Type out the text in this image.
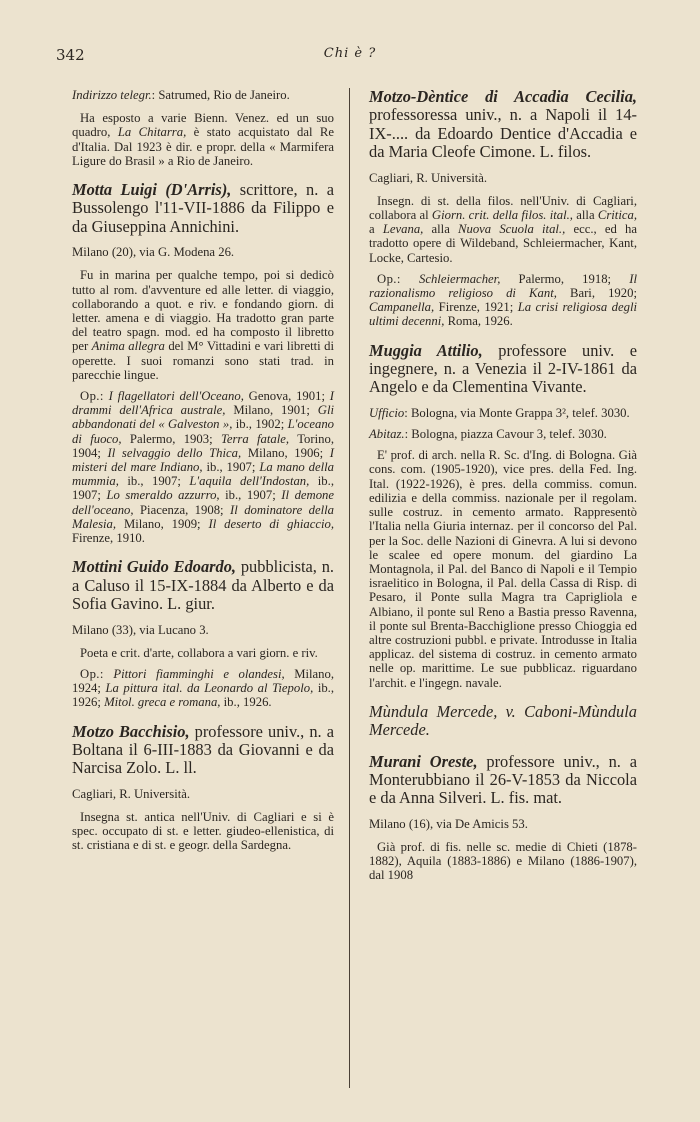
342	Chi è ?

Indirizzo telegr.: Satrumed, Rio de Janeiro.

Ha esposto a varie Bienn. Venez. ed un suo quadro, La Chitarra, è stato acquistato dal Re d'Italia. Dal 1923 è dir. e propr. della « Marmifera Ligure do Brasil » a Rio de Janeiro.

Motta Luigi (D'Arris), scrittore, n. a Bussolengo l'11-VII-1886 da Filippo e da Giuseppina Annichini.

Milano (20), via G. Modena 26.

Fu in marina per qualche tempo, poi si dedicò tutto al rom. d'avventure ed alle letter. di viaggio, collaborando a quot. e riv. e fondando giorn. di letter. amena e di viaggio. Ha tradotto gran parte del teatro spagn. mod. ed ha composto il libretto per Anima allegra del M° Vittadini e vari libretti di operette. I suoi romanzi sono stati trad. in parecchie lingue.

Op.: I flagellatori dell'Oceano, Genova, 1901; I drammi dell'Africa australe, Milano, 1901; Gli abbandonati del « Galveston », ib., 1902; L'oceano di fuoco, Palermo, 1903; Terra fatale, Torino, 1904; Il selvaggio dello Thica, Milano, 1906; I misteri del mare Indiano, ib., 1907; La mano della mummia, ib., 1907; L'aquila dell'Indostan, ib., 1907; Lo smeraldo azzurro, ib., 1907; Il demone dell'oceano, Piacenza, 1908; Il dominatore della Malesia, Milano, 1909; Il deserto di ghiaccio, Firenze, 1910.

Mottini Guido Edoardo, pubblicista, n. a Caluso il 15-IX-1884 da Alberto e da Sofia Gavino. L. giur.

Milano (33), via Lucano 3.

Poeta e crit. d'arte, collabora a vari giorn. e riv.

Op.: Pittori fiamminghi e olandesi, Milano, 1924; La pittura ital. da Leonardo al Tiepolo, ib., 1926; Mitol. greca e romana, ib., 1926.

Motzo Bacchisio, professore univ., n. a Boltana il 6-III-1883 da Giovanni e da Narcisa Zolo. L. ll.

Cagliari, R. Università.

Insegna st. antica nell'Univ. di Cagliari e si è spec. occupato di st. e letter. giudeo-ellenistica, di st. cristiana e di st. e geogr. della Sardegna.

Motzo-Dèntice di Accadia Cecilia, professoressa univ., n. a Napoli il 14-IX-.... da Edoardo Dentice d'Accadia e da Maria Cleofe Cimone. L. filos.

Cagliari, R. Università.

Insegn. di st. della filos. nell'Univ. di Cagliari, collabora al Giorn. crit. della filos. ital., alla Critica, a Levana, alla Nuova Scuola ital., ecc., ed ha tradotto opere di Wildeband, Schleiermacher, Kant, Locke, Cartesio.

Op.: Schleiermacher, Palermo, 1918; Il razionalismo religioso di Kant, Bari, 1920; Campanella, Firenze, 1921; La crisi religiosa degli ultimi decenni, Roma, 1926.

Muggia Attilio, professore univ. e ingegnere, n. a Venezia il 2-IV-1861 da Angelo e da Clementina Vivante.

Ufficio: Bologna, via Monte Grappa 3², telef. 3030.

Abitaz.: Bologna, piazza Cavour 3, telef. 3030.

E' prof. di arch. nella R. Sc. d'Ing. di Bologna. Già cons. com. (1905-1920), vice pres. della Fed. Ing. Ital. (1922-1926), è pres. della commiss. comun. edilizia e della commiss. nazionale per il regolam. sulle costruz. in cemento armato. Rappresentò l'Italia nella Giuria internaz. per il concorso del Pal. per la Soc. delle Nazioni di Ginevra. A lui si devono le scalee ed opere monum. del giardino La Montagnola, il Pal. del Banco di Napoli e il Tempio israelitico in Bologna, il Pal. della Cassa di Risp. di Pesaro, il Ponte sulla Magra tra Caprigliola e Albiano, il ponte sul Reno a Bastia presso Ravenna, il ponte sul Brenta-Bacchiglione presso Chioggia ed altre costruzioni pubbl. e private. Introdusse in Italia applicaz. del sistema di costruz. in cemento armato nelle op. marittime. Le sue pubblicaz. riguardano l'archit. e l'ingegn. navale.

Mùndula Mercede, v. Caboni-Mùndula Mercede.

Murani Oreste, professore univ., n. a Monterubbiano il 26-V-1853 da Niccola e da Anna Silveri. L. fis. mat.

Milano (16), via De Amicis 53.

Già prof. di fis. nelle sc. medie di Chieti (1878-1882), Aquila (1883-1886) e Milano (1886-1907), dal 1908
